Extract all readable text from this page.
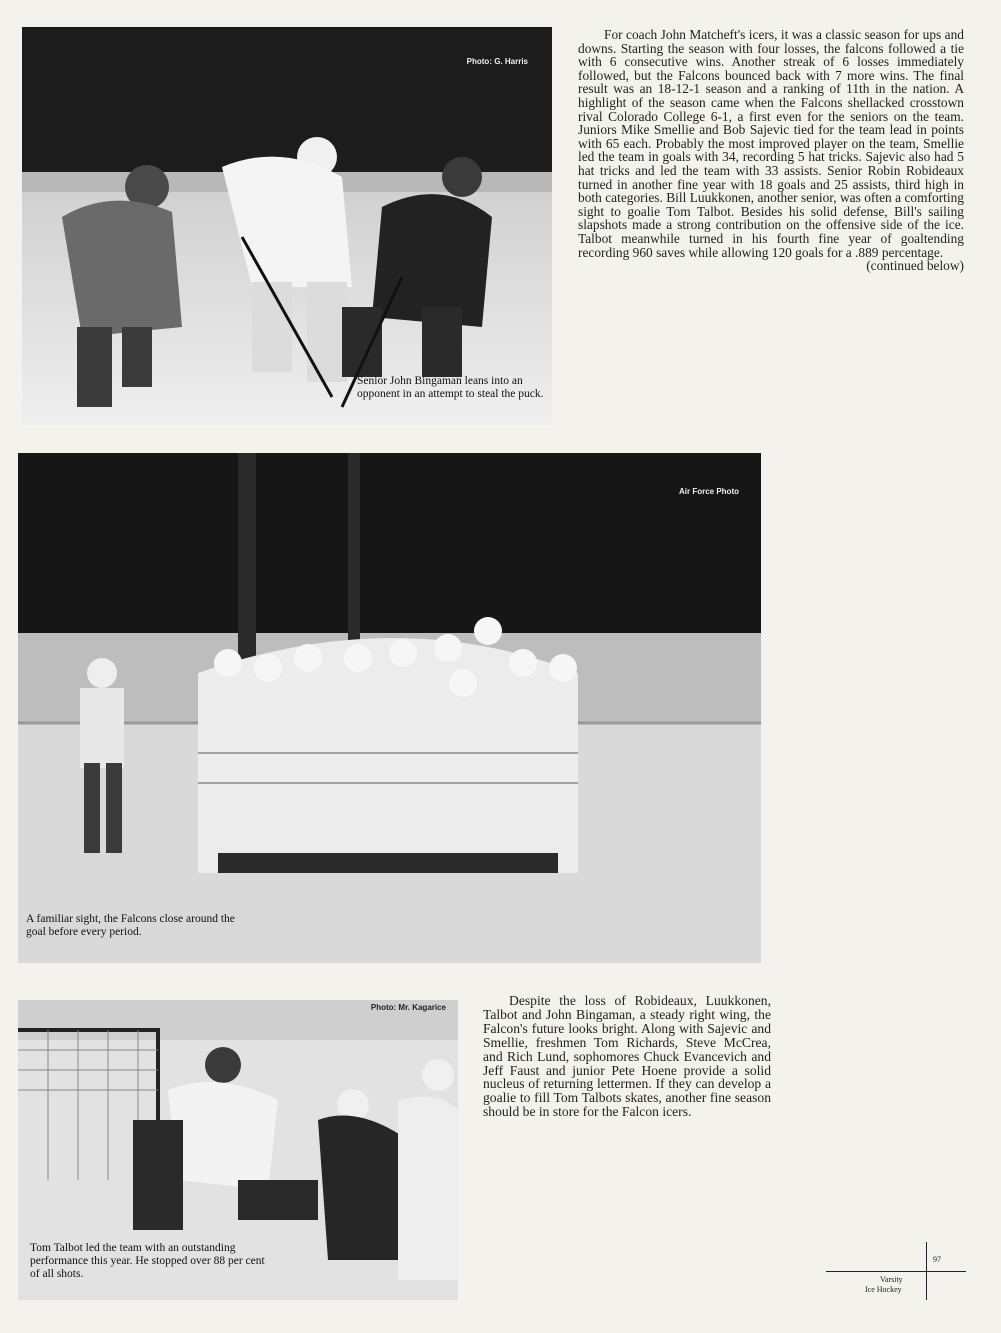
Photo: G. Harris
Senior John Bingaman leans into an opponent in an attempt to steal the puck.

For coach John Matcheft's icers, it was a classic season for ups and downs. Starting the season with four losses, the falcons followed a tie with 6 consecutive wins. Another streak of 6 losses immediately followed, but the Falcons bounced back with 7 more wins. The final result was an 18-12-1 season and a ranking of 11th in the nation. A highlight of the season came when the Falcons shellacked crosstown rival Colorado College 6-1, a first even for the seniors on the team. Juniors Mike Smellie and Bob Sajevic tied for the team lead in points with 65 each. Probably the most improved player on the team, Smellie led the team in goals with 34, recording 5 hat tricks. Sajevic also had 5 hat tricks and led the team with 33 assists. Senior Robin Robideaux turned in another fine year with 18 goals and 25 assists, third high in both categories. Bill Luukkonen, another senior, was often a comforting sight to goalie Tom Talbot. Besides his solid defense, Bill's sailing slapshots made a strong contribution on the offensive side of the ice. Talbot meanwhile turned in his fourth fine year of goaltending recording 960 saves while allowing 120 goals for a .889 percentage.
(continued below)

Air Force Photo
A familiar sight, the Falcons close around the goal before every period.
Photo: Mr. Kagarice
Tom Talbot led the team with an outstanding performance this year. He stopped over 88 per cent of all shots.

Despite the loss of Robideaux, Luukkonen, Talbot and John Bingaman, a steady right wing, the Falcon's future looks bright. Along with Sajevic and Smellie, freshmen Tom Richards, Steve McCrea, and Rich Lund, sophomores Chuck Evancevich and Jeff Faust and junior Pete Hoene provide a solid nucleus of returning lettermen. If they can develop a goalie to fill Tom Talbots skates, another fine season should be in store for the Falcon icers.

97
Varsity
Ice Hockey
